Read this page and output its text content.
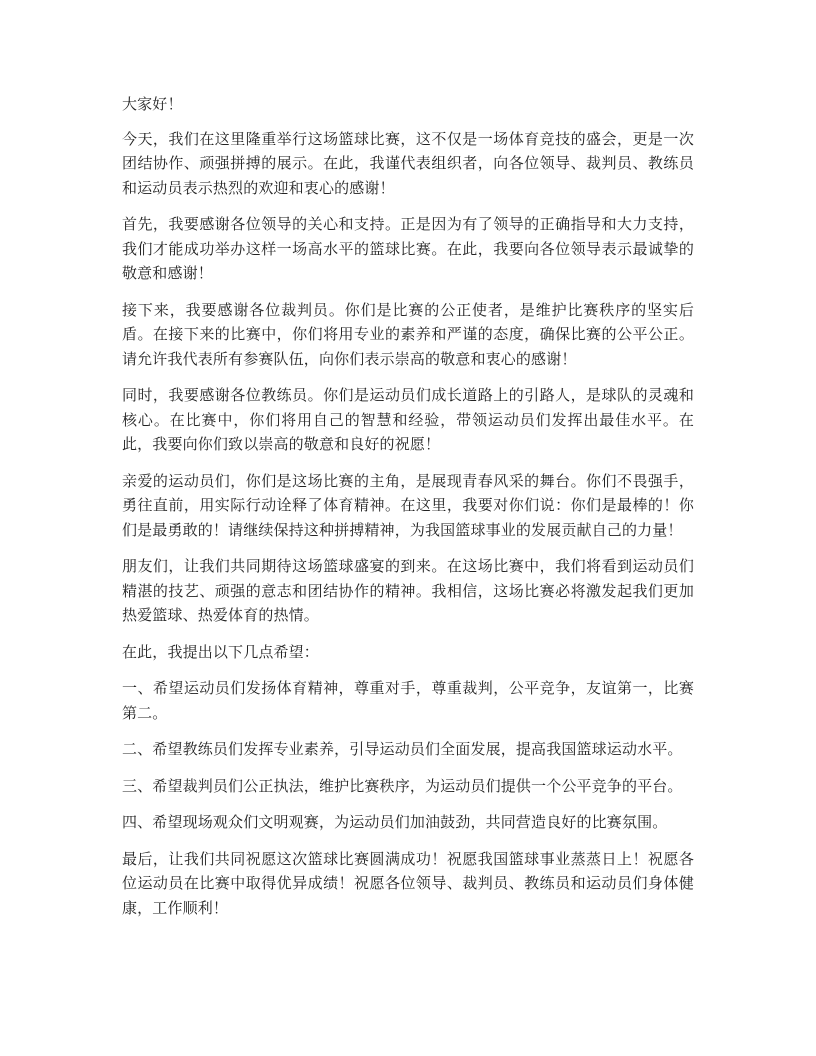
大家好！

今天，我们在这里隆重举行这场篮球比赛，这不仅是一场体育竞技的盛会，更是一次团结协作、顽强拼搏的展示。在此，我谨代表组织者，向各位领导、裁判员、教练员和运动员表示热烈的欢迎和衷心的感谢！

首先，我要感谢各位领导的关心和支持。正是因为有了领导的正确指导和大力支持，我们才能成功举办这样一场高水平的篮球比赛。在此，我要向各位领导表示最诚挚的敬意和感谢！

接下来，我要感谢各位裁判员。你们是比赛的公正使者，是维护比赛秩序的坚实后盾。在接下来的比赛中，你们将用专业的素养和严谨的态度，确保比赛的公平公正。请允许我代表所有参赛队伍，向你们表示崇高的敬意和衷心的感谢！

同时，我要感谢各位教练员。你们是运动员们成长道路上的引路人，是球队的灵魂和核心。在比赛中，你们将用自己的智慧和经验，带领运动员们发挥出最佳水平。在此，我要向你们致以崇高的敬意和良好的祝愿！

亲爱的运动员们，你们是这场比赛的主角，是展现青春风采的舞台。你们不畏强手，勇往直前，用实际行动诠释了体育精神。在这里，我要对你们说：你们是最棒的！你们是最勇敢的！请继续保持这种拼搏精神，为我国篮球事业的发展贡献自己的力量！

朋友们，让我们共同期待这场篮球盛宴的到来。在这场比赛中，我们将看到运动员们精湛的技艺、顽强的意志和团结协作的精神。我相信，这场比赛必将激发起我们更加热爱篮球、热爱体育的热情。

在此，我提出以下几点希望：

一、希望运动员们发扬体育精神，尊重对手，尊重裁判，公平竞争，友谊第一，比赛第二。

二、希望教练员们发挥专业素养，引导运动员们全面发展，提高我国篮球运动水平。

三、希望裁判员们公正执法，维护比赛秩序，为运动员们提供一个公平竞争的平台。

四、希望现场观众们文明观赛，为运动员们加油鼓劲，共同营造良好的比赛氛围。

最后，让我们共同祝愿这次篮球比赛圆满成功！祝愿我国篮球事业蒸蒸日上！祝愿各位运动员在比赛中取得优异成绩！祝愿各位领导、裁判员、教练员和运动员们身体健康，工作顺利！
